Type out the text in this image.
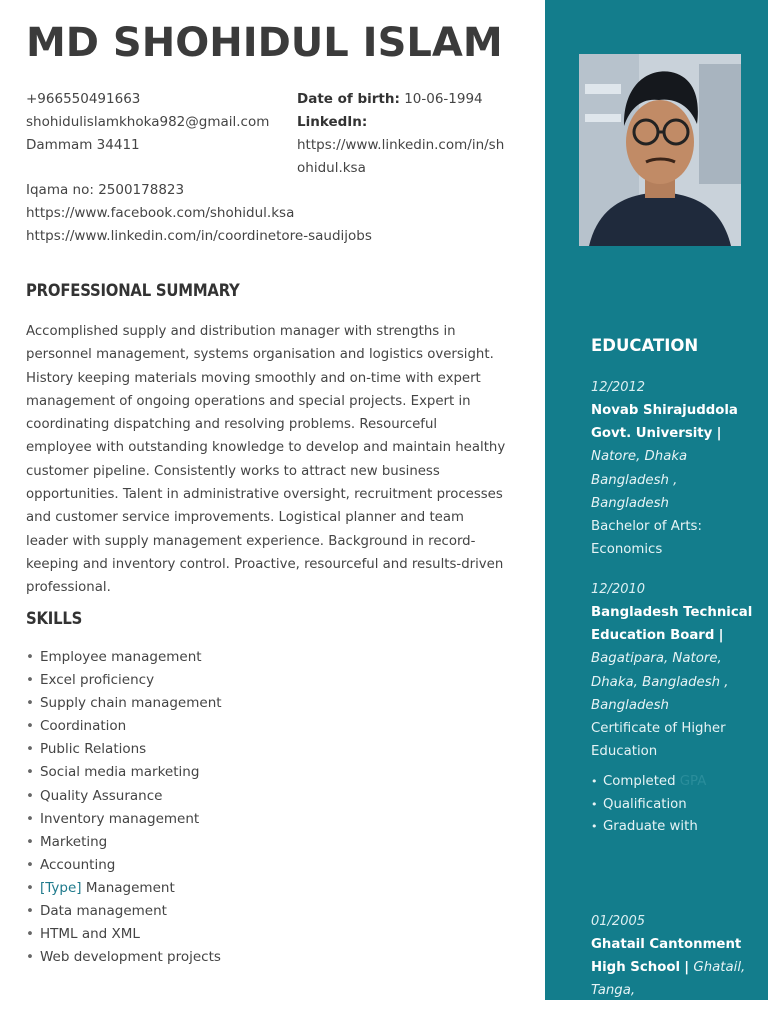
MD SHOHIDUL ISLAM
+966550491663
shohidulislamkhoka982@gmail.com
Dammam 34411
Date of birth: 10-06-1994
LinkedIn:
https://www.linkedin.com/in/shohidul.ksa
Iqama no: 2500178823
https://www.facebook.com/shohidul.ksa
https://www.linkedin.com/in/coordinetore-saudijobs
PROFESSIONAL SUMMARY

Accomplished supply and distribution manager with strengths in personnel management, systems organisation and logistics oversight. History keeping materials moving smoothly and on-time with expert management of ongoing operations and special projects. Expert in coordinating dispatching and resolving problems. Resourceful employee with outstanding knowledge to develop and maintain healthy customer pipeline. Consistently works to attract new business opportunities. Talent in administrative oversight, recruitment processes and customer service improvements. Logistical planner and team leader with supply management experience. Background in record-keeping and inventory control. Proactive, resourceful and results-driven professional.

SKILLS
• Employee management
• Excel proficiency
• Supply chain management
• Coordination
• Public Relations
• Social media marketing
• Quality Assurance
• Inventory management
• Marketing
• Accounting
• [Type] Management
• Data management
• HTML and XML
• Web development projects
EDUCATION
12/2012
Novab Shirajuddola Govt. University | Natore, Dhaka Bangladesh , Bangladesh
Bachelor of Arts: Economics
12/2010
Bangladesh Technical Education Board | Bagatipara, Natore, Dhaka, Bangladesh , Bangladesh
Certificate of Higher Education
• Completed GPA
• Qualification
• Graduate with
01/2005
Ghatail Cantonment High School | Ghatail, Tanga,
